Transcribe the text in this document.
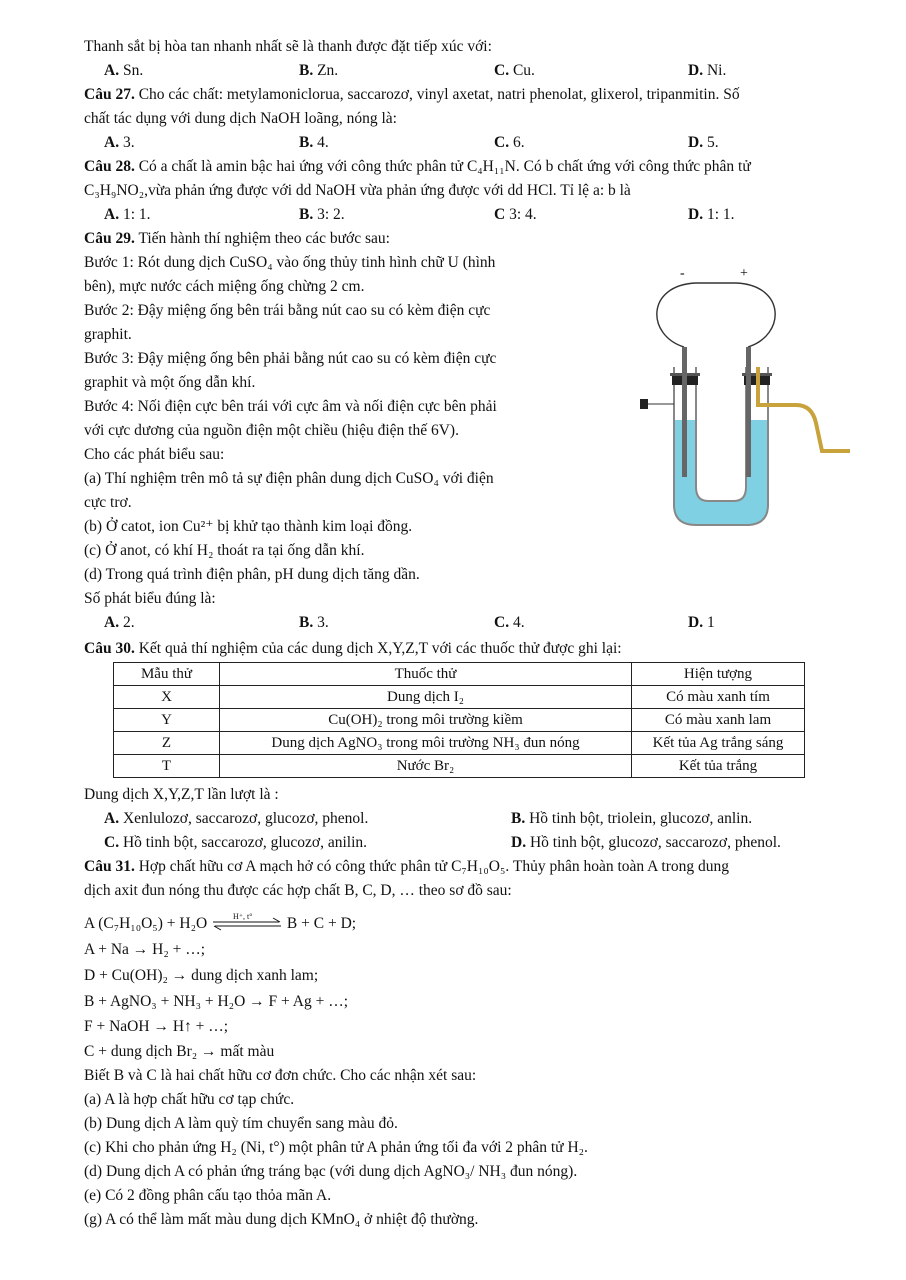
Thanh sắt bị hòa tan nhanh nhất sẽ là thanh được đặt tiếp xúc với:
A. Sn.	B. Zn.	C. Cu.	D. Ni.
Câu 27. Cho các chất: metylamoniclorua, saccarozơ, vinyl axetat, natri phenolat, glixerol, tripanmitin. Số
chất tác dụng với dung dịch NaOH loãng, nóng là:
A. 3.	B. 4.	C. 6.	D. 5.
Câu 28. Có a chất là amin bậc hai ứng với công thức phân tử C₄H₁₁N. Có b chất ứng với công thức phân tử
C₃H₉NO₂,vừa phản ứng được với dd NaOH vừa phản ứng được với dd HCl. Tỉ lệ a: b là
A. 1: 1.	B. 3: 2.	C 3: 4.	D. 1: 1.
Câu 29. Tiến hành thí nghiệm theo các bước sau:
Bước 1: Rót dung dịch CuSO₄ vào ống thủy tinh hình chữ U (hình
bên), mực nước cách miệng ống chừng 2 cm.
Bước 2: Đậy miệng ống bên trái bằng nút cao su có kèm điện cực
graphit.
Bước 3: Đậy miệng ống bên phải bằng nút cao su có kèm điện cực
graphit và một ống dẫn khí.
Bước 4: Nối điện cực bên trái với cực âm và nối điện cực bên phải
với cực dương của nguồn điện một chiều (hiệu điện thế 6V).
Cho các phát biểu sau:
(a) Thí nghiệm trên mô tả sự điện phân dung dịch CuSO₄ với điện
cực trơ.
(b) Ở catot, ion Cu²⁺ bị khử tạo thành kim loại đồng.
(c) Ở anot, có khí H₂ thoát ra tại ống dẫn khí.
(d) Trong quá trình điện phân, pH dung dịch tăng dần.
Số phát biểu đúng là:
A. 2.	B. 3.	C. 4.	D. 1
-	+
Câu 30. Kết quả thí nghiệm của các dung dịch X,Y,Z,T với các thuốc thử được ghi lại:
Mẫu thử	Thuốc thử	Hiện tượng
X	Dung dịch I₂	Có màu xanh tím
Y	Cu(OH)₂ trong môi trường kiềm	Có màu xanh lam
Z	Dung dịch AgNO₃ trong môi trường NH₃ đun nóng	Kết tủa Ag trắng sáng
T	Nước Br₂	Kết tủa trắng
Dung dịch X,Y,Z,T lần lượt là :
A. Xenlulozơ, saccarozơ, glucozơ, phenol.	B. Hồ tinh bột, triolein, glucozơ, anlin.
C. Hồ tinh bột, saccarozơ, glucozơ, anilin.	D. Hồ tinh bột, glucozơ, saccarozơ, phenol.
Câu 31. Hợp chất hữu cơ A mạch hở có công thức phân tử C₇H₁₀O₅. Thủy phân hoàn toàn A trong dung
dịch axit đun nóng thu được các hợp chất B, C, D, … theo sơ đồ sau:
A (C₇H₁₀O₅) + H₂O	H⁺, t° B + C + D;
A + Na → H₂ + …;
D + Cu(OH)₂ → dung dịch xanh lam;
B + AgNO₃ + NH₃ + H₂O → F + Ag + …;
F + NaOH → H↑ + …;
C + dung dịch Br₂ → mất màu
Biết B và C là hai chất hữu cơ đơn chức. Cho các nhận xét sau:
(a) A là hợp chất hữu cơ tạp chức.
(b) Dung dịch A làm quỳ tím chuyển sang màu đỏ.
(c) Khi cho phản ứng H₂ (Ni, t°) một phân tử A phản ứng tối đa với 2 phân tử H₂.
(d) Dung dịch A có phản ứng tráng bạc (với dung dịch AgNO₃/ NH₃ đun nóng).
(e) Có 2 đồng phân cấu tạo thỏa mãn A.
(g) A có thể làm mất màu dung dịch KMnO₄ ở nhiệt độ thường.
